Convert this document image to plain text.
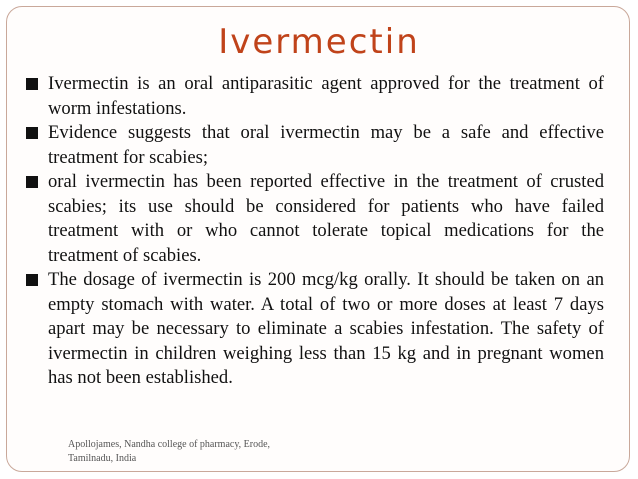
Ivermectin
Ivermectin is an oral antiparasitic agent approved for the treatment of worm infestations.
Evidence suggests that oral ivermectin may be a safe and effective treatment for scabies;
oral ivermectin has been reported effective in the treatment of crusted scabies; its use should be considered for patients who have failed treatment with or who cannot tolerate topical medications for the treatment of scabies.
The dosage of ivermectin is 200 mcg/kg orally. It should be taken on an empty stomach with water. A total of two or more doses at least 7 days apart may be necessary to eliminate a scabies infestation. The safety of ivermectin in children weighing less than 15 kg and in pregnant women has not been established.
Apollojames, Nandha college of pharmacy, Erode,
Tamilnadu, India
